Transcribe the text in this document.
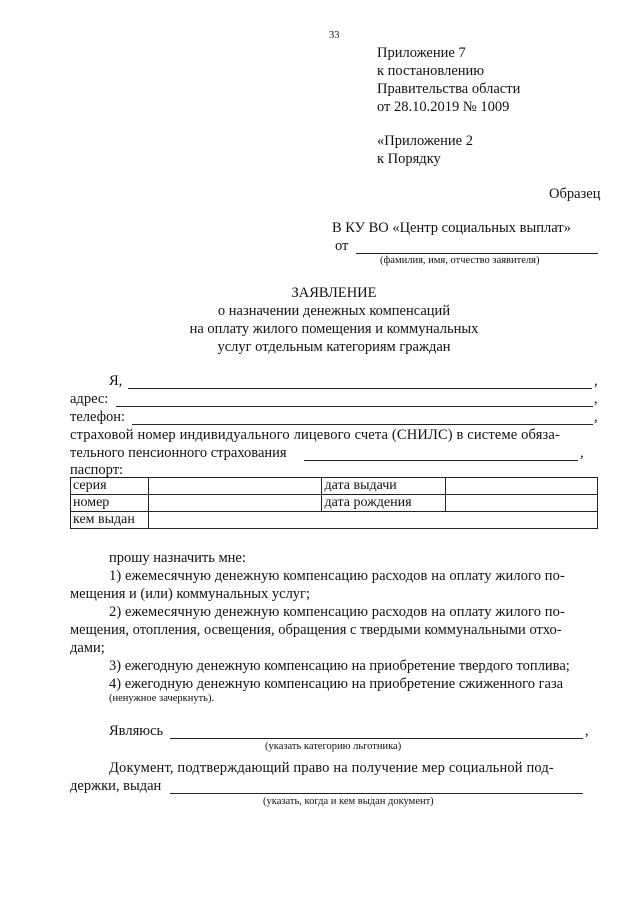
33
Приложение 7
к постановлению
Правительства области
от 28.10.2019 № 1009
«Приложение 2
к Порядку
Образец
В КУ ВО «Центр социальных выплат»
от
(фамилия, имя, отчество заявителя)
ЗАЯВЛЕНИЕ
о назначении денежных компенсаций
на оплату жилого помещения и коммунальных
услуг отдельным категориям граждан
Я,	,
адрес:	,
телефон:	,
страховой номер индивидуального лицевого счета (СНИЛС) в системе обяза-
тельного пенсионного страхования	,
паспорт:
серия		дата выдачи	
номер		дата рождения	
кем выдан			
прошу назначить мне:
1) ежемесячную денежную компенсацию расходов на оплату жилого по-
мещения и (или) коммунальных услуг;
2) ежемесячную денежную компенсацию расходов на оплату жилого по-
мещения, отопления, освещения, обращения с твердыми коммунальными отхо-
дами;
3) ежегодную денежную компенсацию на приобретение твердого топлива;
4) ежегодную денежную компенсацию на приобретение сжиженного газа
(ненужное зачеркнуть).
Являюсь	,
(указать категорию льготника)
Документ, подтверждающий право на получение мер социальной под-
держки, выдан
(указать, когда и кем выдан документ)
